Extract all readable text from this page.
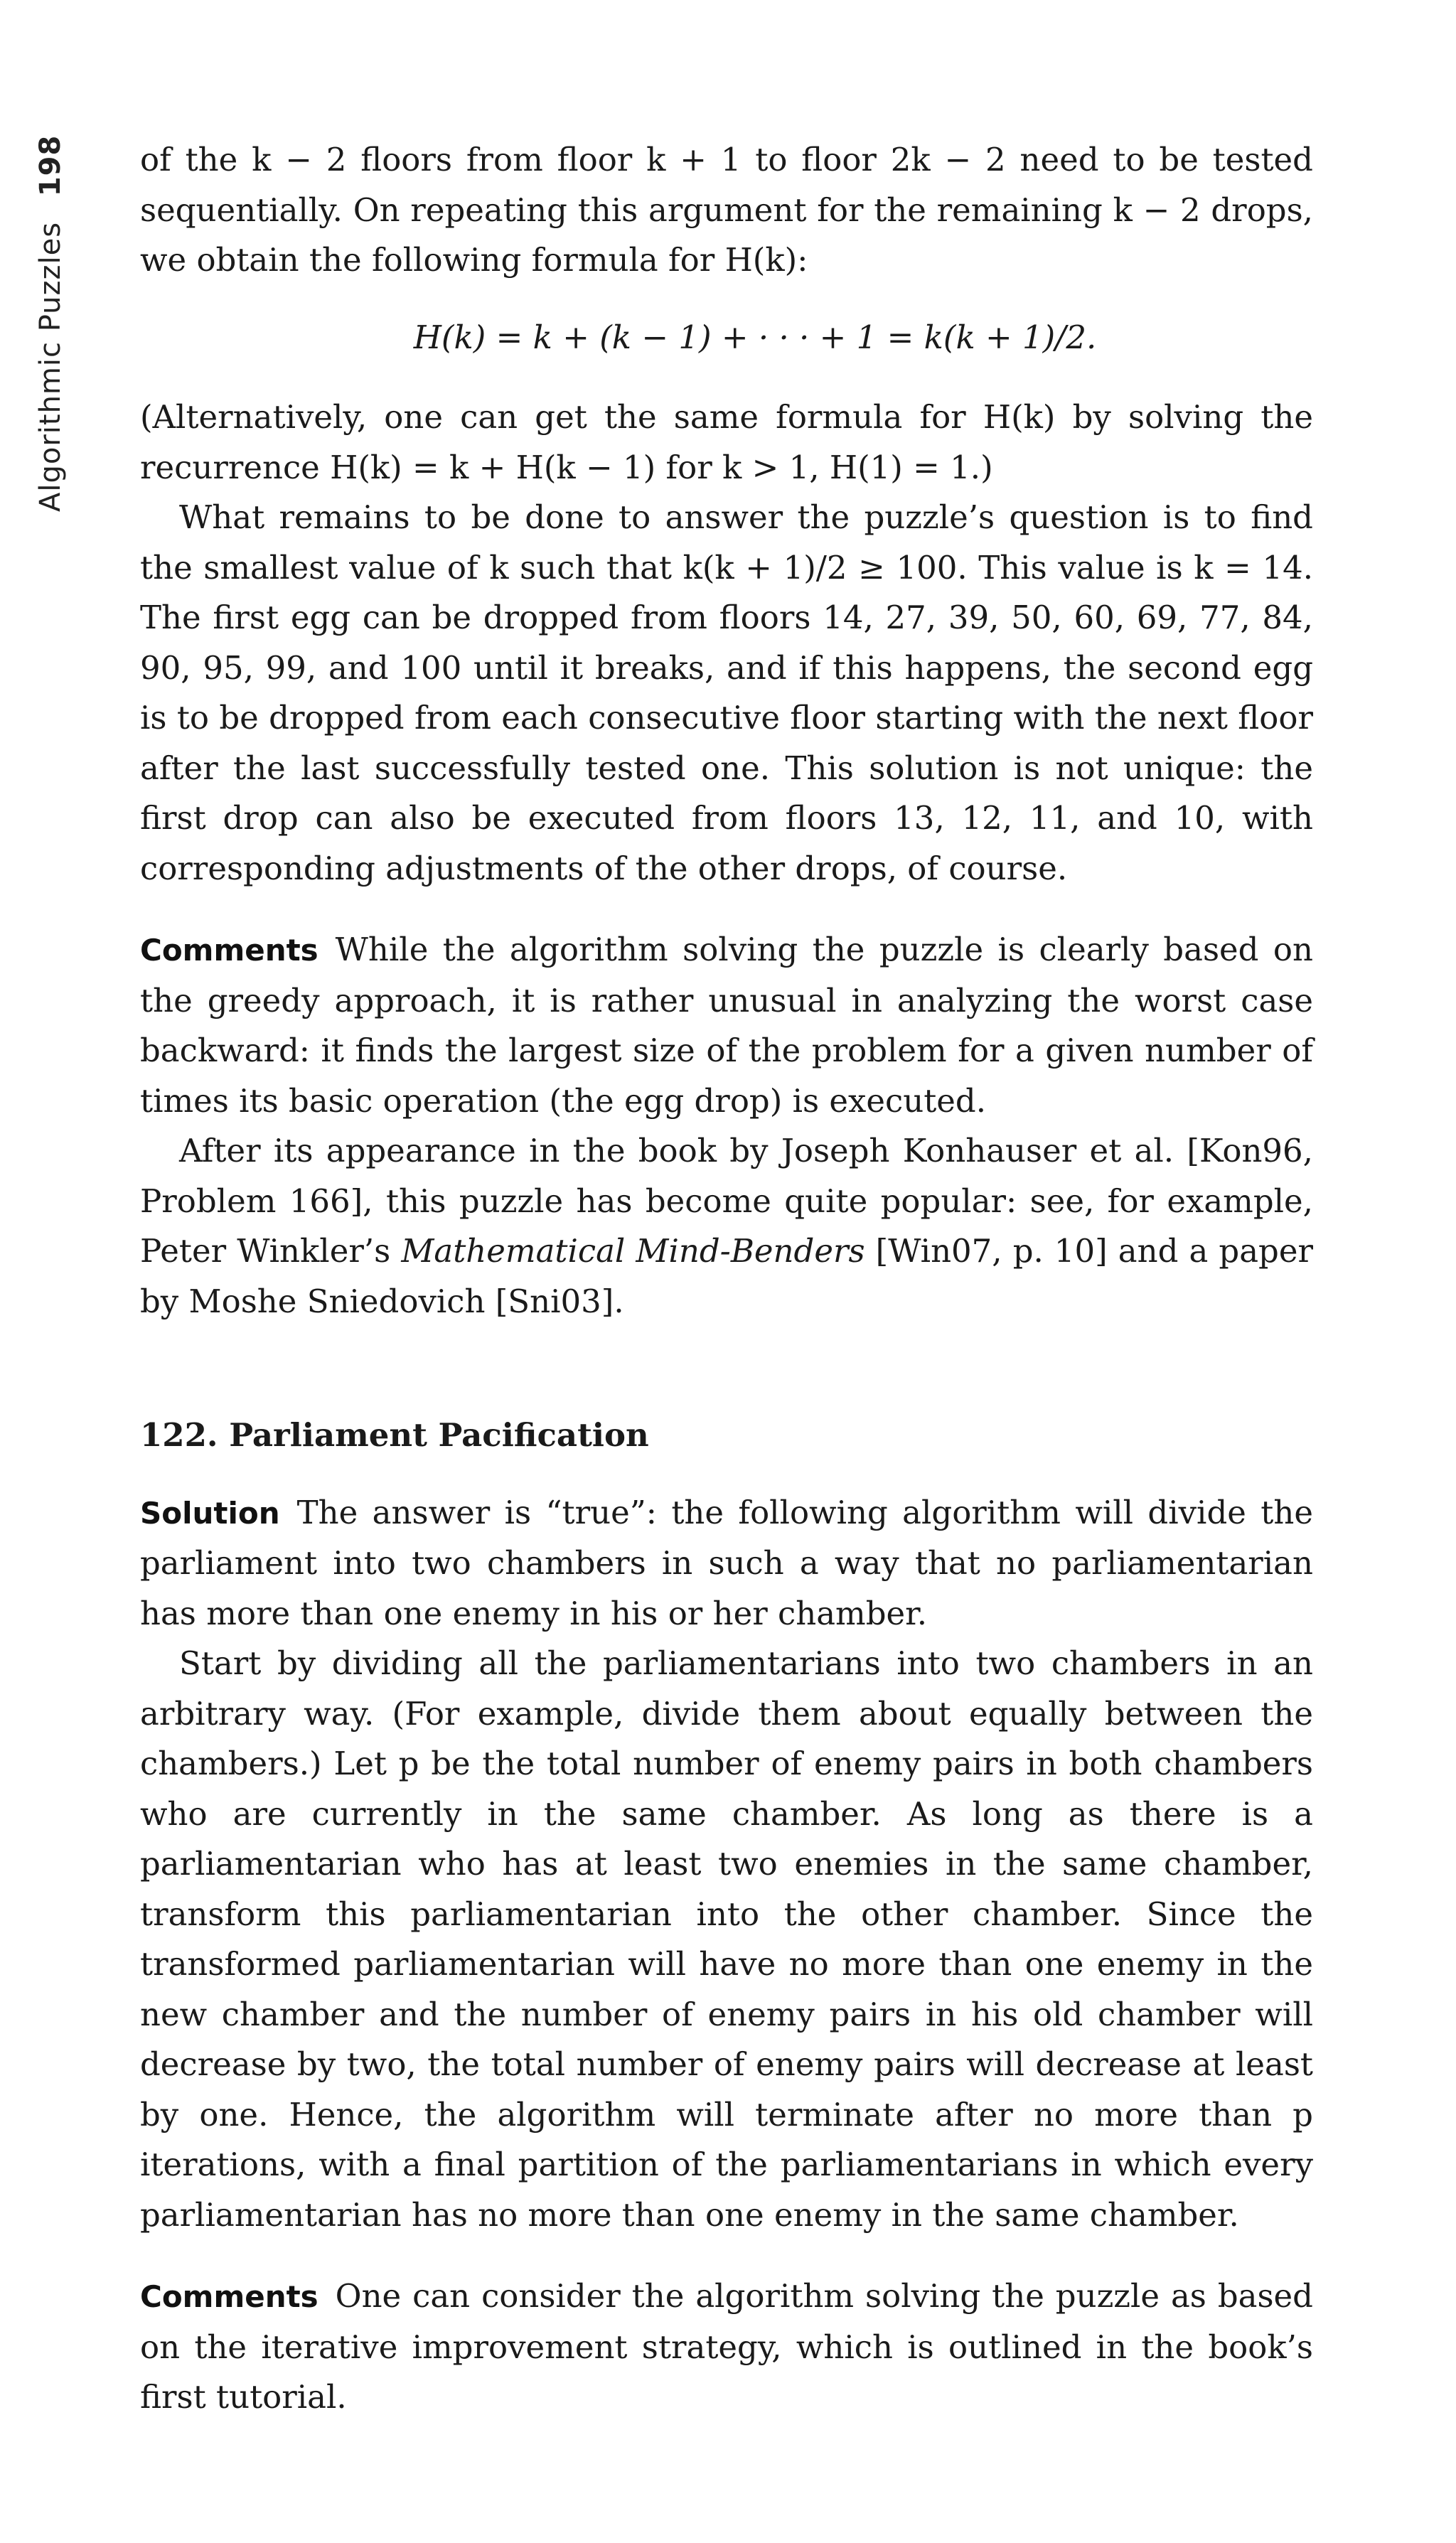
Algorithmic Puzzles 198 of the k − 2 floors from floor k + 1 to floor 2k − 2 need to be tested sequentially. On repeating this argument for the remaining k − 2 drops, we obtain the following formula for H(k):

H(k) = k + (k − 1) + · · · + 1 = k(k + 1)/2.

(Alternatively, one can get the same formula for H(k) by solving the recurrence H(k) = k + H(k − 1) for k > 1, H(1) = 1.)

What remains to be done to answer the puzzle’s question is to find the smallest value of k such that k(k + 1)/2 ≥ 100. This value is k = 14. The first egg can be dropped from floors 14, 27, 39, 50, 60, 69, 77, 84, 90, 95, 99, and 100 until it breaks, and if this happens, the second egg is to be dropped from each consecutive floor starting with the next floor after the last successfully tested one. This solution is not unique: the first drop can also be executed from floors 13, 12, 11, and 10, with corresponding adjustments of the other drops, of course.

Comments While the algorithm solving the puzzle is clearly based on the greedy approach, it is rather unusual in analyzing the worst case backward: it finds the largest size of the problem for a given number of times its basic operation (the egg drop) is executed.

After its appearance in the book by Joseph Konhauser et al. [Kon96, Problem 166], this puzzle has become quite popular: see, for example, Peter Winkler’s Mathematical Mind-Benders [Win07, p. 10] and a paper by Moshe Sniedovich [Sni03].

122. Parliament Pacification

Solution The answer is “true”: the following algorithm will divide the parliament into two chambers in such a way that no parliamentarian has more than one enemy in his or her chamber.

Start by dividing all the parliamentarians into two chambers in an arbitrary way. (For example, divide them about equally between the chambers.) Let p be the total number of enemy pairs in both chambers who are currently in the same chamber. As long as there is a parliamentarian who has at least two enemies in the same chamber, transform this parliamentarian into the other chamber. Since the transformed parliamentarian will have no more than one enemy in the new chamber and the number of enemy pairs in his old chamber will decrease by two, the total number of enemy pairs will decrease at least by one. Hence, the algorithm will terminate after no more than p iterations, with a final partition of the parliamentarians in which every parliamentarian has no more than one enemy in the same chamber.

Comments One can consider the algorithm solving the puzzle as based on the iterative improvement strategy, which is outlined in the book’s first tutorial.
